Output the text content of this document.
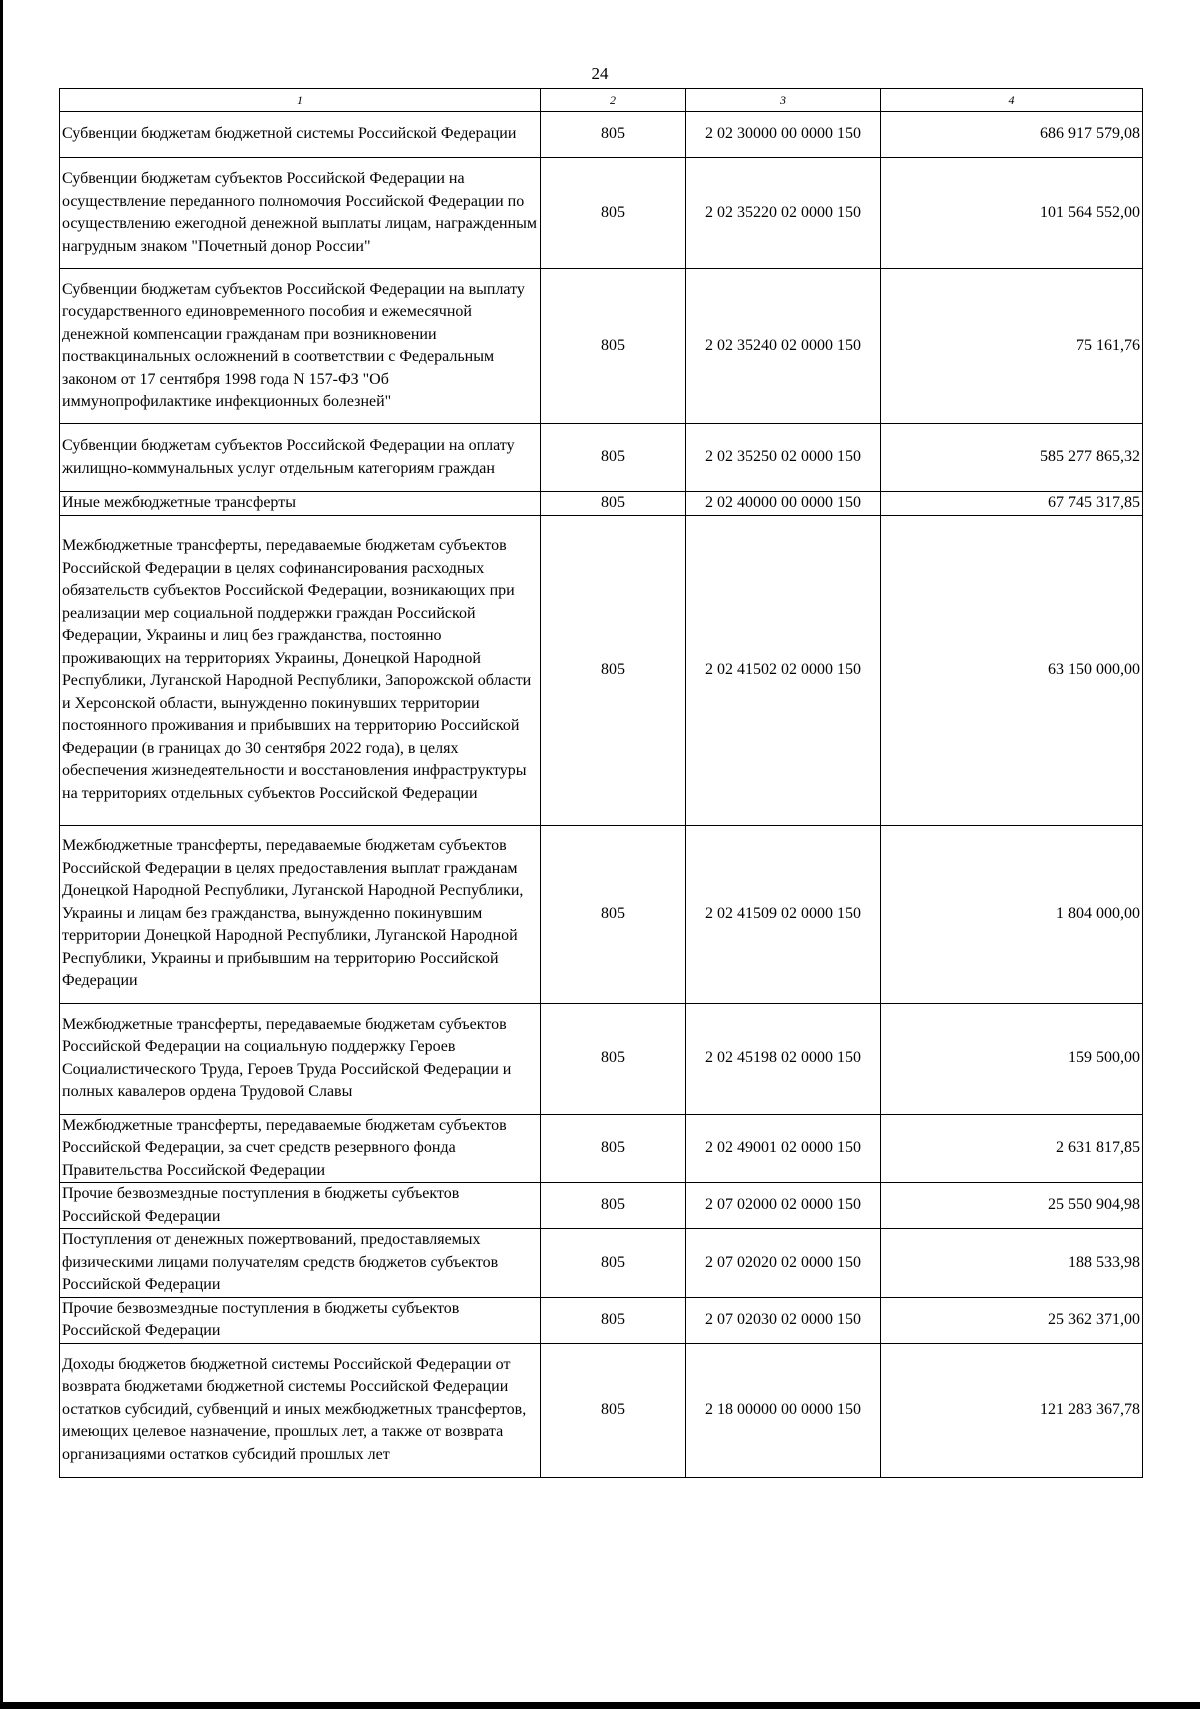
24
1	2	3	4
Субвенции бюджетам бюджетной системы Российской Федерации	805	2 02 30000 00 0000 150	686 917 579,08
Субвенции бюджетам субъектов Российской Федерации на осуществление переданного полномочия Российской Федерации по осуществлению ежегодной денежной выплаты лицам, награжденным нагрудным знаком "Почетный донор России"	805	2 02 35220 02 0000 150	101 564 552,00
Субвенции бюджетам субъектов Российской Федерации на выплату государственного единовременного пособия и ежемесячной денежной компенсации гражданам при возникновении поствакцинальных осложнений в соответствии с Федеральным законом от 17 сентября 1998 года N 157-ФЗ "Об иммунопрофилактике инфекционных болезней"	805	2 02 35240 02 0000 150	75 161,76
Субвенции бюджетам субъектов Российской Федерации на оплату жилищно-коммунальных услуг отдельным категориям граждан	805	2 02 35250 02 0000 150	585 277 865,32
Иные межбюджетные трансферты	805	2 02 40000 00 0000 150	67 745 317,85
Межбюджетные трансферты, передаваемые бюджетам субъектов Российской Федерации в целях софинансирования расходных обязательств субъектов Российской Федерации, возникающих при реализации мер социальной поддержки граждан Российской Федерации, Украины и лиц без гражданства, постоянно проживающих на территориях Украины, Донецкой Народной Республики, Луганской Народной Республики, Запорожской области и Херсонской области, вынужденно покинувших территории постоянного проживания и прибывших на территорию Российской Федерации (в границах до 30 сентября 2022 года), в целях обеспечения жизнедеятельности и восстановления инфраструктуры на территориях отдельных субъектов Российской Федерации	805	2 02 41502 02 0000 150	63 150 000,00
Межбюджетные трансферты, передаваемые бюджетам субъектов Российской Федерации в целях предоставления выплат гражданам Донецкой Народной Республики, Луганской Народной Республики, Украины и лицам без гражданства, вынужденно покинувшим территории Донецкой Народной Республики, Луганской Народной Республики, Украины и прибывшим на территорию Российской Федерации	805	2 02 41509 02 0000 150	1 804 000,00
Межбюджетные трансферты, передаваемые бюджетам субъектов Российской Федерации на социальную поддержку Героев Социалистического Труда, Героев Труда Российской Федерации и полных кавалеров ордена Трудовой Славы	805	2 02 45198 02 0000 150	159 500,00
Межбюджетные трансферты, передаваемые бюджетам субъектов Российской Федерации, за счет средств резервного фонда Правительства Российской Федерации	805	2 02 49001 02 0000 150	2 631 817,85
Прочие безвозмездные поступления в бюджеты субъектов Российской Федерации	805	2 07 02000 02 0000 150	25 550 904,98
Поступления от денежных пожертвований, предоставляемых физическими лицами получателям средств бюджетов субъектов Российской Федерации	805	2 07 02020 02 0000 150	188 533,98
Прочие безвозмездные поступления в бюджеты субъектов Российской Федерации	805	2 07 02030 02 0000 150	25 362 371,00
Доходы бюджетов бюджетной системы Российской Федерации от возврата бюджетами бюджетной системы Российской Федерации остатков субсидий, субвенций и иных межбюджетных трансфертов, имеющих целевое назначение, прошлых лет, а также от возврата организациями остатков субсидий прошлых лет	805	2 18 00000 00 0000 150	121 283 367,78
